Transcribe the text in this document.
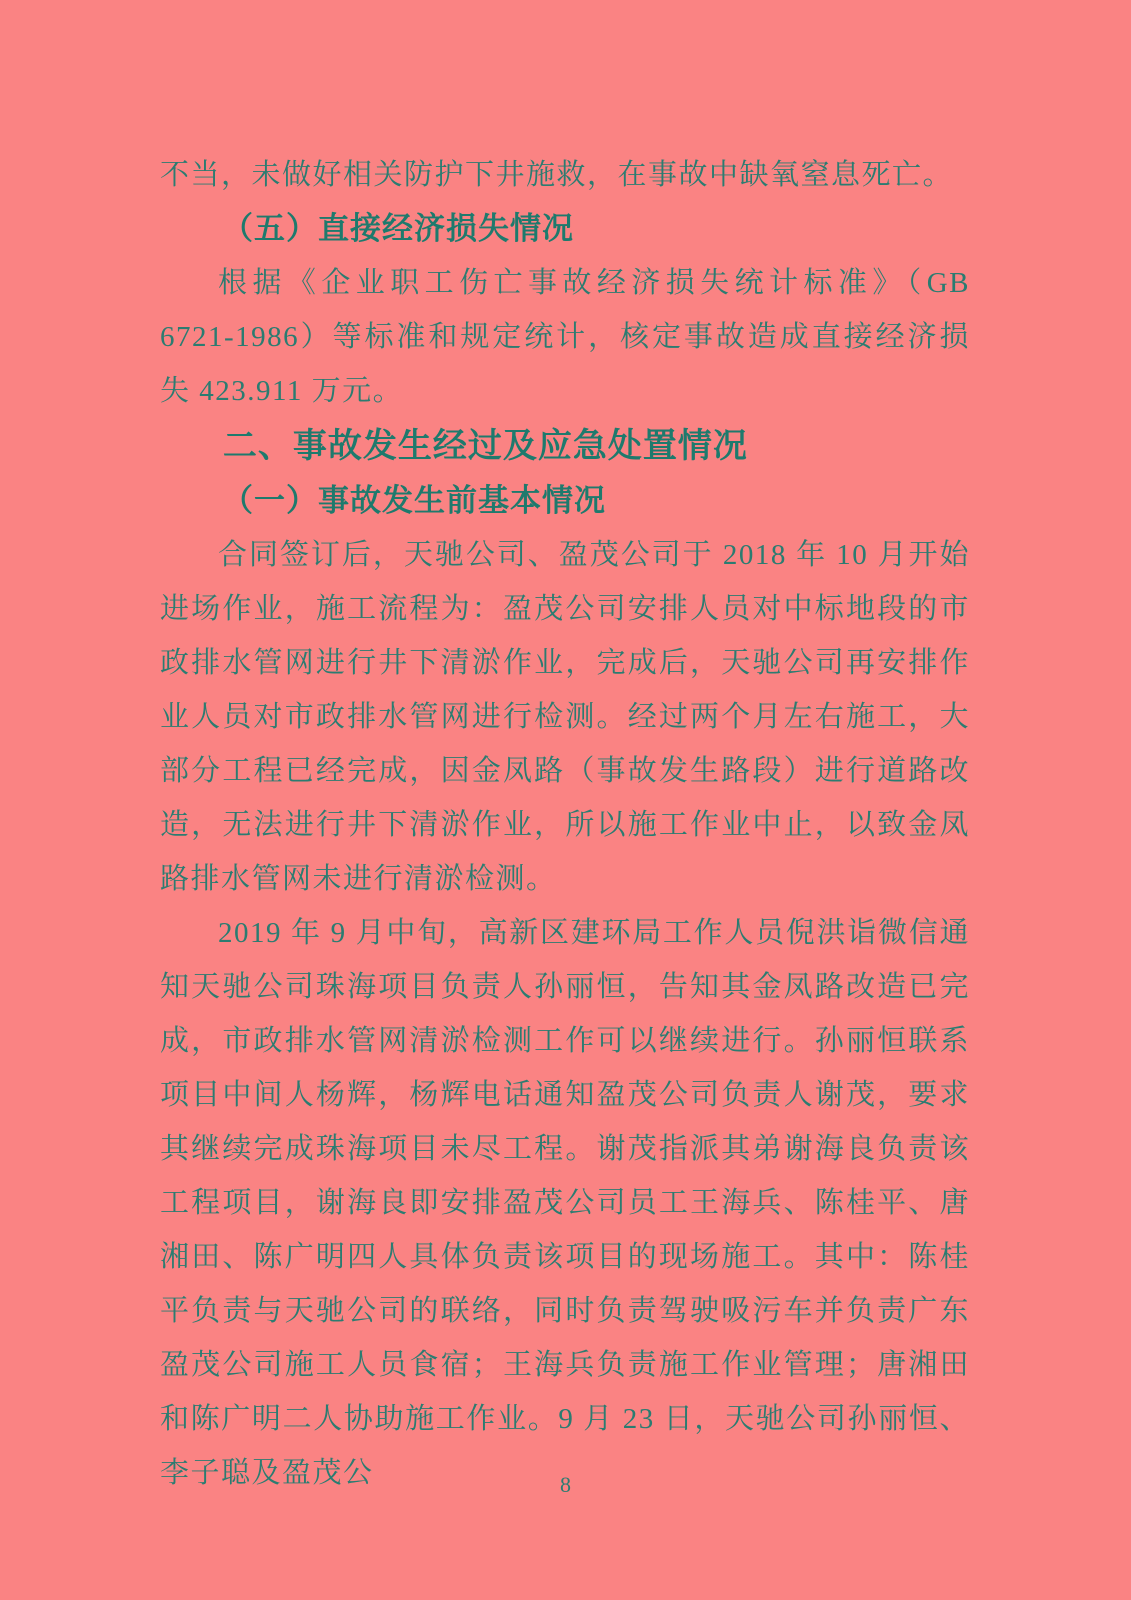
不当，未做好相关防护下井施救，在事故中缺氧窒息死亡。

（五）直接经济损失情况

根据《企业职工伤亡事故经济损失统计标准》（GB 6721-1986）等标准和规定统计，核定事故造成直接经济损失 423.911 万元。

二、事故发生经过及应急处置情况

（一）事故发生前基本情况

合同签订后，天驰公司、盈茂公司于 2018 年 10 月开始进场作业，施工流程为：盈茂公司安排人员对中标地段的市政排水管网进行井下清淤作业，完成后，天驰公司再安排作业人员对市政排水管网进行检测。经过两个月左右施工，大部分工程已经完成，因金凤路（事故发生路段）进行道路改造，无法进行井下清淤作业，所以施工作业中止，以致金凤路排水管网未进行清淤检测。

2019 年 9 月中旬，高新区建环局工作人员倪洪诣微信通知天驰公司珠海项目负责人孙丽恒，告知其金凤路改造已完成，市政排水管网清淤检测工作可以继续进行。孙丽恒联系项目中间人杨辉，杨辉电话通知盈茂公司负责人谢茂，要求其继续完成珠海项目未尽工程。谢茂指派其弟谢海良负责该工程项目，谢海良即安排盈茂公司员工王海兵、陈桂平、唐湘田、陈广明四人具体负责该项目的现场施工。其中：陈桂平负责与天驰公司的联络，同时负责驾驶吸污车并负责广东盈茂公司施工人员食宿；王海兵负责施工作业管理；唐湘田和陈广明二人协助施工作业。9 月 23 日，天驰公司孙丽恒、李子聪及盈茂公	8
